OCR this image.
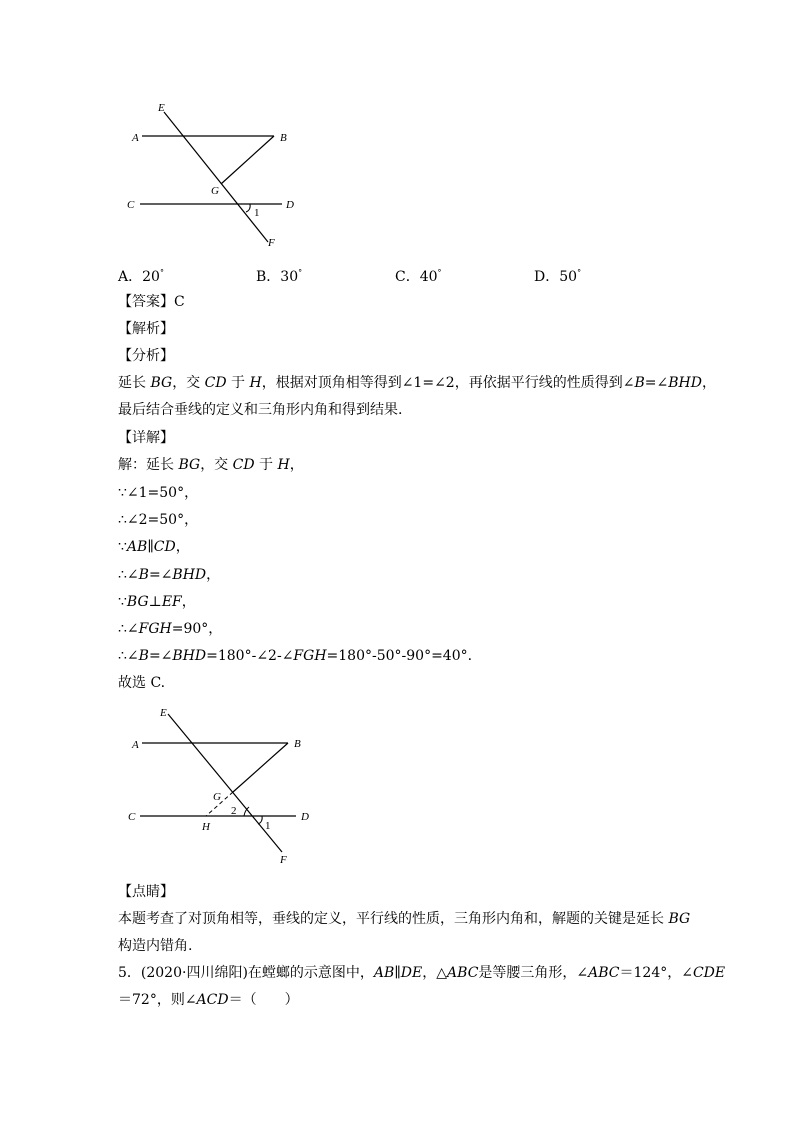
E
A	B
G
C	D
1
F
A．20°	B．30°	C．40°	D．50°
【答案】C
【解析】
【分析】
延长 BG，交 CD 于 H，根据对顶角相等得到∠1=∠2，再依据平行线的性质得到∠B=∠BHD，
最后结合垂线的定义和三角形内角和得到结果.
【详解】
解：延长 BG，交 CD 于 H，
∵∠1=50°，
∴∠2=50°，
∵AB∥CD，
∴∠B=∠BHD，
∵BG⊥EF，
∴∠FGH=90°，
∴∠B=∠BHD=180°-∠2-∠FGH=180°-50°-90°=40°.
故选 C.
E
A	B
G
2
C
H	1
D
F
【点睛】
本题考查了对顶角相等，垂线的定义，平行线的性质，三角形内角和，解题的关键是延长 BG
构造内错角.
5．(2020·四川绵阳)在螳螂的示意图中，AB∥DE，△ABC是等腰三角形，∠ABC＝124°，∠CDE
＝72°，则∠ACD＝（　　）
